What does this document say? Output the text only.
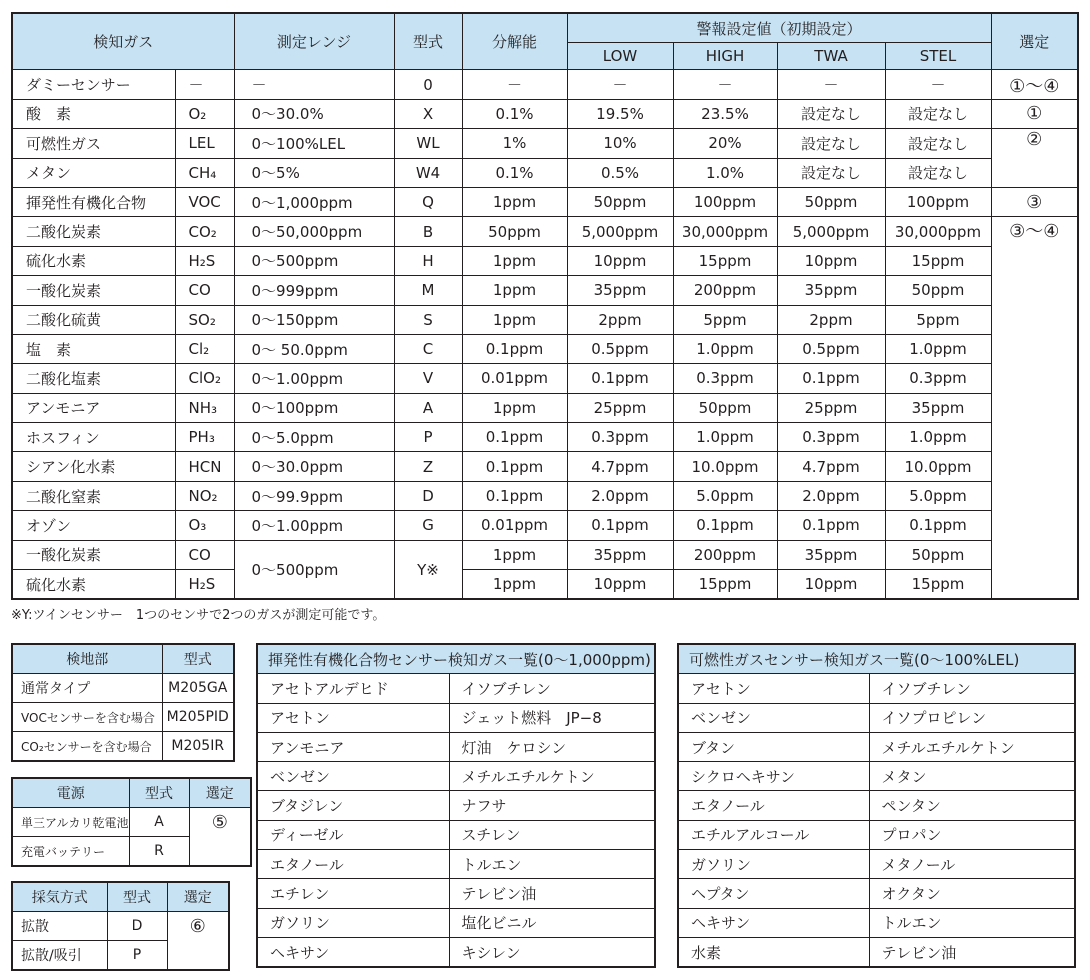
検知ガス		測定レンジ	型式	分解能	警報設定値（初期設定）				選定
					LOW	HIGH	TWA	STEL	
ダミーセンサー	－	－	0	－	－	－	－	－	①～④
酸　素	O₂	0～30.0%	X	0.1%	19.5%	23.5%	設定なし	設定なし	①
可燃性ガス	LEL	0～100%LEL	WL	1%	10%	20%	設定なし	設定なし	②
メタン	CH₄	0～5%	W4	0.1%	0.5%	1.0%	設定なし	設定なし	
揮発性有機化合物	VOC	0～1,000ppm	Q	1ppm	50ppm	100ppm	50ppm	100ppm	③
二酸化炭素	CO₂	0～50,000ppm	B	50ppm	5,000ppm	30,000ppm	5,000ppm	30,000ppm	③～④
硫化水素	H₂S	0～500ppm	H	1ppm	10ppm	15ppm	10ppm	15ppm	
一酸化炭素	CO	0～999ppm	M	1ppm	35ppm	200ppm	35ppm	50ppm	
二酸化硫黄	SO₂	0～150ppm	S	1ppm	2ppm	5ppm	2ppm	5ppm	
塩　素	Cl₂	0～ 50.0ppm	C	0.1ppm	0.5ppm	1.0ppm	0.5ppm	1.0ppm	
二酸化塩素	ClO₂	0～1.00ppm	V	0.01ppm	0.1ppm	0.3ppm	0.1ppm	0.3ppm	
アンモニア	NH₃	0～100ppm	A	1ppm	25ppm	50ppm	25ppm	35ppm	
ホスフィン	PH₃	0～5.0ppm	P	0.1ppm	0.3ppm	1.0ppm	0.3ppm	1.0ppm	
シアン化水素	HCN	0～30.0ppm	Z	0.1ppm	4.7ppm	10.0ppm	4.7ppm	10.0ppm	
二酸化窒素	NO₂	0～99.9ppm	D	0.1ppm	2.0ppm	5.0ppm	2.0ppm	5.0ppm	
オゾン	O₃	0～1.00ppm	G	0.01ppm	0.1ppm	0.1ppm	0.1ppm	0.1ppm	
一酸化炭素	CO	0～500ppm	Y※	1ppm	35ppm	200ppm	35ppm	50ppm	
硫化水素	H₂S			1ppm	10ppm	15ppm	10ppm	15ppm	
※Y:ツインセンサー　1つのセンサで2つのガスが測定可能です。
検地部	型式
通常タイプ	M205GA
VOCセンサーを含む場合	M205PID
CO₂センサーを含む場合	M205IR
電源	型式	選定
単三アルカリ乾電池	A	⑤
充電バッテリー	R	
採気方式	型式	選定
拡散	D	⑥
拡散/吸引	P	
揮発性有機化合物センサー検知ガス一覧(0～1,000ppm)	
アセトアルデヒド	イソブチレン
アセトン	ジェット燃料　JP−8
アンモニア	灯油　ケロシン
ベンゼン	メチルエチルケトン
ブタジレン	ナフサ
ディーゼル	スチレン
エタノール	トルエン
エチレン	テレビン油
ガソリン	塩化ビニル
ヘキサン	キシレン
可燃性ガスセンサー検知ガス一覧(0～100%LEL)	
アセトン	イソブチレン
ベンゼン	イソプロピレン
ブタン	メチルエチルケトン
シクロヘキサン	メタン
エタノール	ペンタン
エチルアルコール	プロパン
ガソリン	メタノール
ヘプタン	オクタン
ヘキサン	トルエン
水素	テレビン油
